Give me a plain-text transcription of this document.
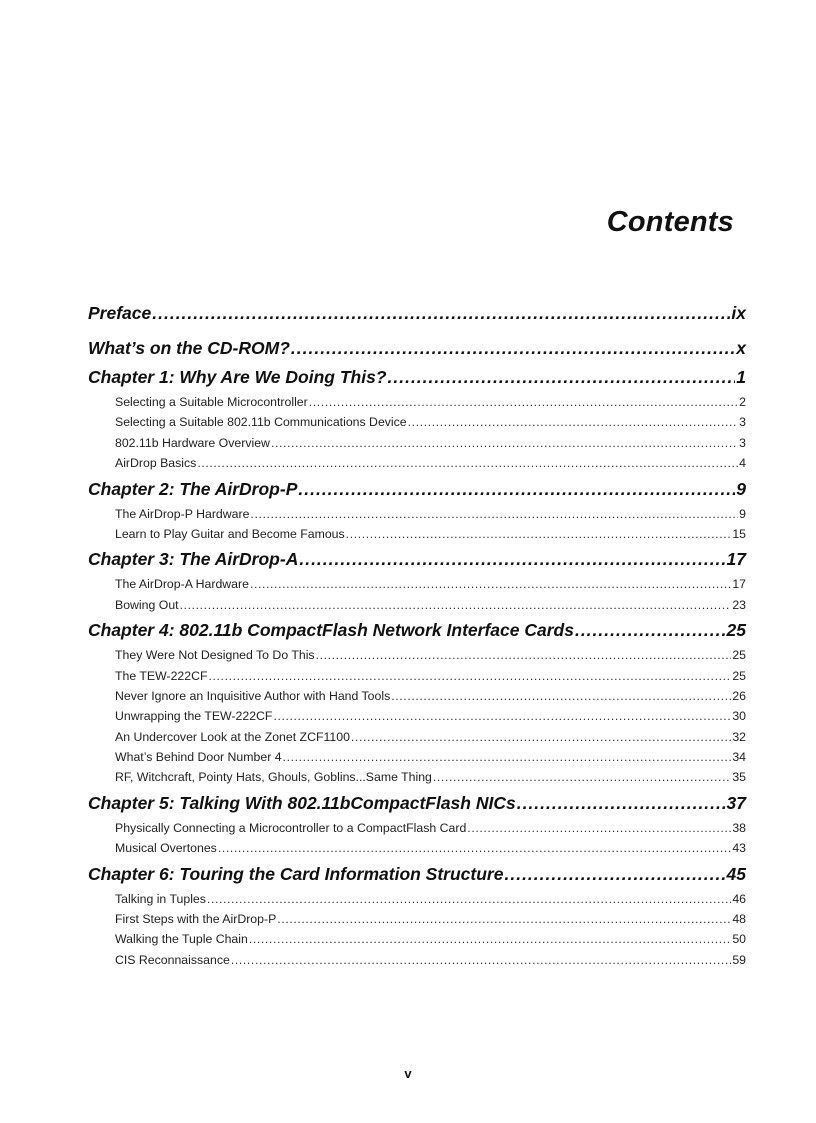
Contents
Preface .....	ix
What’s on the CD-ROM? .....	x
Chapter 1: Why Are We Doing This? .....	1
Selecting a Suitable Microcontroller .....	2
Selecting a Suitable 802.11b Communications Device .....	3
802.11b Hardware Overview .....	3
AirDrop Basics .....	4
Chapter 2: The AirDrop-P .....	9
The AirDrop-P Hardware .....	9
Learn to Play Guitar and Become Famous .....	15
Chapter 3: The AirDrop-A .....	17
The AirDrop-A Hardware .....	17
Bowing Out .....	23
Chapter 4: 802.11b CompactFlash Network Interface Cards .....	25
They Were Not Designed To Do This .....	25
The TEW-222CF .....	25
Never Ignore an Inquisitive Author with Hand Tools .....	26
Unwrapping the TEW-222CF .....	30
An Undercover Look at the Zonet ZCF1100 .....	32
What’s Behind Door Number 4 .....	34
RF, Witchcraft, Pointy Hats, Ghouls, Goblins...Same Thing .....	35
Chapter 5: Talking With 802.11bCompactFlash NICs .....	37
Physically Connecting a Microcontroller to a CompactFlash Card .....	38
Musical Overtones .....	43
Chapter 6: Touring the Card Information Structure .....	45
Talking in Tuples .....	46
First Steps with the AirDrop-P .....	48
Walking the Tuple Chain .....	50
CIS Reconnaissance .....	59
v
